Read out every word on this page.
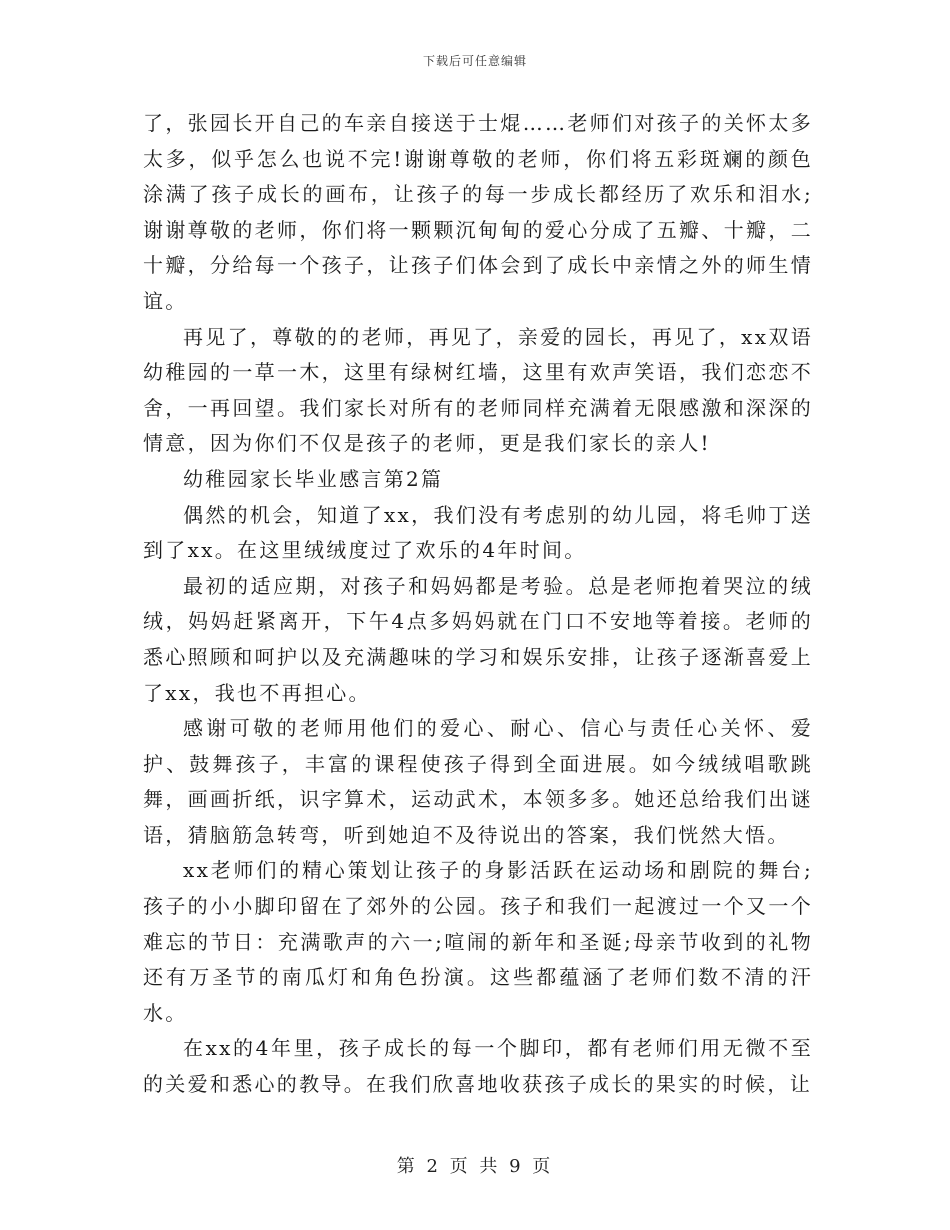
下载后可任意编辑

了，张园长开自己的车亲自接送于士焜……老师们对孩子的关怀太多太多，似乎怎么也说不完!谢谢尊敬的老师，你们将五彩斑斓的颜色涂满了孩子成长的画布，让孩子的每一步成长都经历了欢乐和泪水;谢谢尊敬的老师，你们将一颗颗沉甸甸的爱心分成了五瓣、十瓣，二十瓣，分给每一个孩子，让孩子们体会到了成长中亲情之外的师生情谊。

再见了，尊敬的的老师，再见了，亲爱的园长，再见了，xx双语幼稚园的一草一木，这里有绿树红墙，这里有欢声笑语，我们恋恋不舍，一再回望。我们家长对所有的老师同样充满着无限感激和深深的情意，因为你们不仅是孩子的老师，更是我们家长的亲人!

幼稚园家长毕业感言第2篇

偶然的机会，知道了xx，我们没有考虑别的幼儿园，将毛帅丁送到了xx。在这里绒绒度过了欢乐的4年时间。

最初的适应期，对孩子和妈妈都是考验。总是老师抱着哭泣的绒绒，妈妈赶紧离开，下午4点多妈妈就在门口不安地等着接。老师的悉心照顾和呵护以及充满趣味的学习和娱乐安排，让孩子逐渐喜爱上了xx，我也不再担心。

感谢可敬的老师用他们的爱心、耐心、信心与责任心关怀、爱护、鼓舞孩子，丰富的课程使孩子得到全面进展。如今绒绒唱歌跳舞，画画折纸，识字算术，运动武术，本领多多。她还总给我们出谜语，猜脑筋急转弯，听到她迫不及待说出的答案，我们恍然大悟。

xx老师们的精心策划让孩子的身影活跃在运动场和剧院的舞台;孩子的小小脚印留在了郊外的公园。孩子和我们一起渡过一个又一个难忘的节日：充满歌声的六一;喧闹的新年和圣诞;母亲节收到的礼物还有万圣节的南瓜灯和角色扮演。这些都蕴涵了老师们数不清的汗水。

在xx的4年里，孩子成长的每一个脚印，都有老师们用无微不至的关爱和悉心的教导。在我们欣喜地收获孩子成长的果实的时候，让

第 2 页 共 9 页
